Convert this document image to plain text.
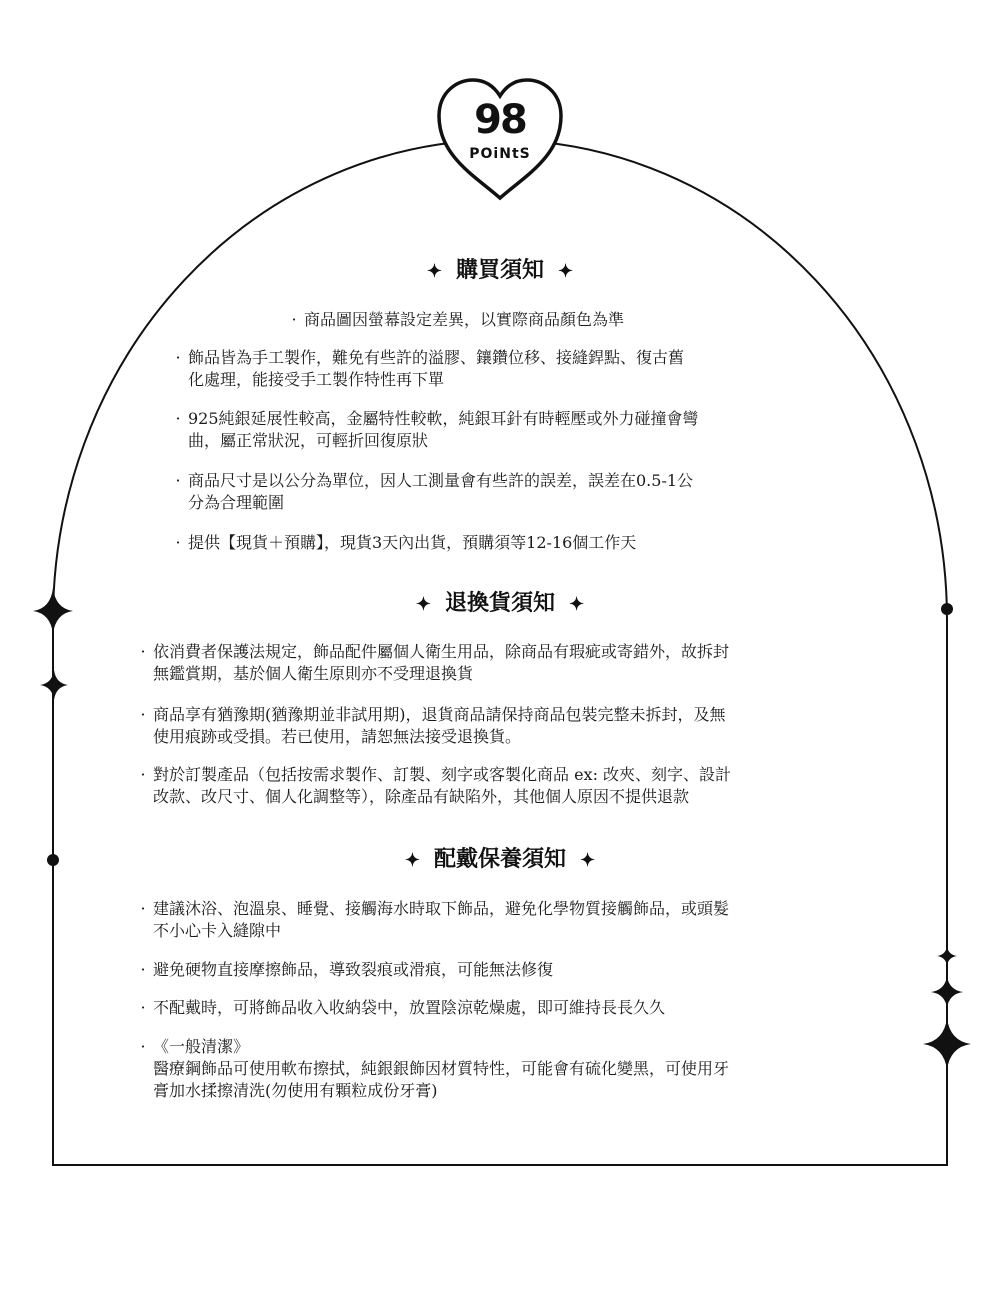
98
POiNtS
✦ 購買須知 ✦
· 商品圖因螢幕設定差異，以實際商品顏色為準
· 飾品皆為手工製作，難免有些許的溢膠、鑲鑽位移、接縫銲點、復古舊
化處理，能接受手工製作特性再下單
· 925純銀延展性較高，金屬特性較軟，純銀耳針有時輕壓或外力碰撞會彎
曲，屬正常狀況，可輕折回復原狀
· 商品尺寸是以公分為單位，因人工測量會有些許的誤差，誤差在0.5-1公
分為合理範圍
· 提供【現貨＋預購】，現貨3天內出貨，預購須等12-16個工作天
✦ 退換貨須知 ✦
· 依消費者保護法規定，飾品配件屬個人衛生用品，除商品有瑕疵或寄錯外，故拆封
無鑑賞期，基於個人衛生原則亦不受理退換貨
· 商品享有猶豫期(猶豫期並非試用期)，退貨商品請保持商品包裝完整未拆封，及無
使用痕跡或受損。若已使用，請恕無法接受退換貨。
· 對於訂製產品（包括按需求製作、訂製、刻字或客製化商品 ex: 改夾、刻字、設計
改款、改尺寸、個人化調整等），除產品有缺陷外，其他個人原因不提供退款
✦ 配戴保養須知 ✦
· 建議沐浴、泡溫泉、睡覺、接觸海水時取下飾品，避免化學物質接觸飾品，或頭髮
不小心卡入縫隙中
· 避免硬物直接摩擦飾品，導致裂痕或滑痕，可能無法修復
· 不配戴時，可將飾品收入收納袋中，放置陰涼乾燥處，即可維持長長久久
· 《一般清潔》
醫療鋼飾品可使用軟布擦拭，純銀銀飾因材質特性，可能會有硫化變黑，可使用牙
膏加水揉擦清洗(勿使用有顆粒成份牙膏)
